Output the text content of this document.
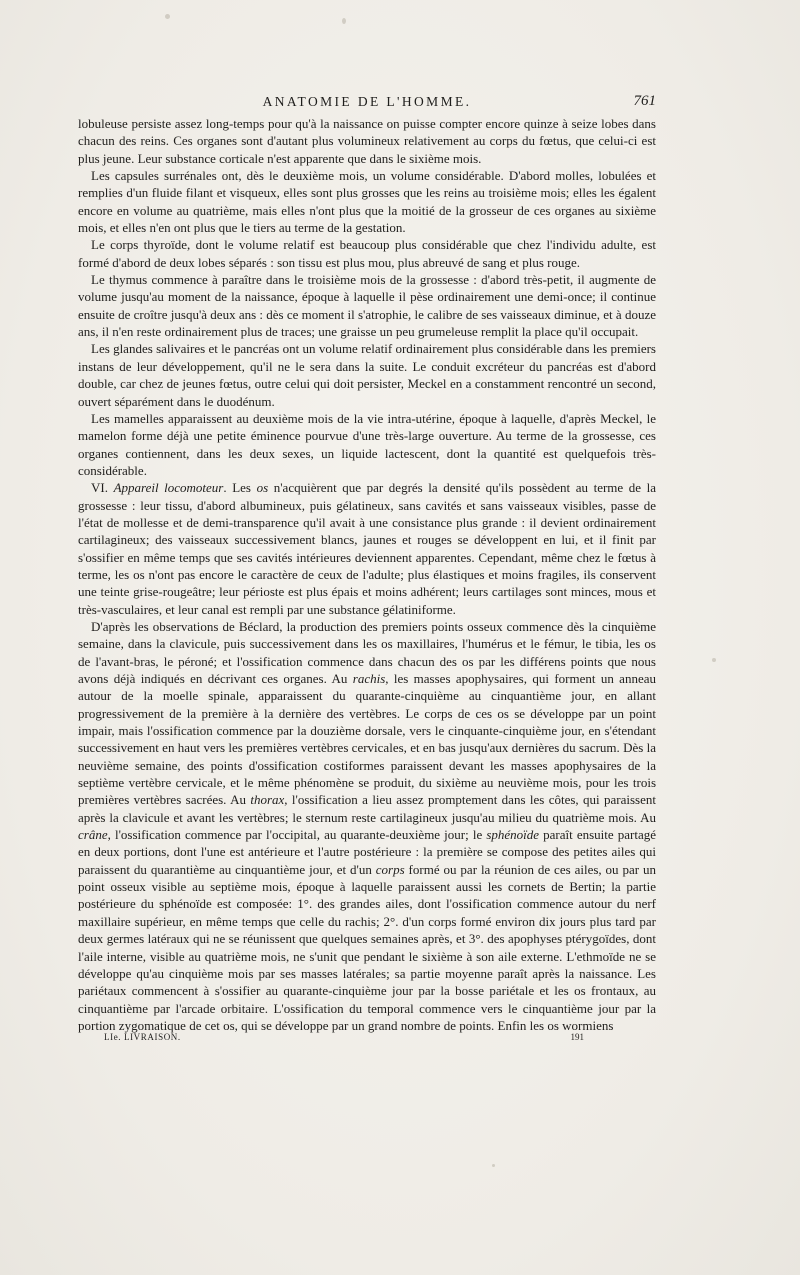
ANATOMIE DE L'HOMME.	761

lobuleuse persiste assez long-temps pour qu'à la naissance on puisse compter encore quinze à seize lobes dans chacun des reins. Ces organes sont d'autant plus volumineux relativement au corps du fœtus, que celui-ci est plus jeune. Leur substance corticale n'est apparente que dans le sixième mois.

Les capsules surrénales ont, dès le deuxième mois, un volume considérable. D'abord molles, lobulées et remplies d'un fluide filant et visqueux, elles sont plus grosses que les reins au troisième mois; elles les égalent encore en volume au quatrième, mais elles n'ont plus que la moitié de la grosseur de ces organes au sixième mois, et elles n'en ont plus que le tiers au terme de la gestation.

Le corps thyroïde, dont le volume relatif est beaucoup plus considérable que chez l'individu adulte, est formé d'abord de deux lobes séparés : son tissu est plus mou, plus abreuvé de sang et plus rouge.

Le thymus commence à paraître dans le troisième mois de la grossesse : d'abord très-petit, il augmente de volume jusqu'au moment de la naissance, époque à laquelle il pèse ordinairement une demi-once; il continue ensuite de croître jusqu'à deux ans : dès ce moment il s'atrophie, le calibre de ses vaisseaux diminue, et à douze ans, il n'en reste ordinairement plus de traces; une graisse un peu grumeleuse remplit la place qu'il occupait.

Les glandes salivaires et le pancréas ont un volume relatif ordinairement plus considérable dans les premiers instans de leur développement, qu'il ne le sera dans la suite. Le conduit excréteur du pancréas est d'abord double, car chez de jeunes fœtus, outre celui qui doit persister, Meckel en a constamment rencontré un second, ouvert séparément dans le duodénum.

Les mamelles apparaissent au deuxième mois de la vie intra-utérine, époque à laquelle, d'après Meckel, le mamelon forme déjà une petite éminence pourvue d'une très-large ouverture. Au terme de la grossesse, ces organes contiennent, dans les deux sexes, un liquide lactescent, dont la quantité est quelquefois très-considérable.

VI. Appareil locomoteur. Les os n'acquièrent que par degrés la densité qu'ils possèdent au terme de la grossesse : leur tissu, d'abord albumineux, puis gélatineux, sans cavités et sans vaisseaux visibles, passe de l'état de mollesse et de demi-transparence qu'il avait à une consistance plus grande : il devient ordinairement cartilagineux; des vaisseaux successivement blancs, jaunes et rouges se développent en lui, et il finit par s'ossifier en même temps que ses cavités intérieures deviennent apparentes. Cependant, même chez le fœtus à terme, les os n'ont pas encore le caractère de ceux de l'adulte; plus élastiques et moins fragiles, ils conservent une teinte grise-rougeâtre; leur périoste est plus épais et moins adhérent; leurs cartilages sont minces, mous et très-vasculaires, et leur canal est rempli par une substance gélatiniforme.

D'après les observations de Béclard, la production des premiers points osseux commence dès la cinquième semaine, dans la clavicule, puis successivement dans les os maxillaires, l'humérus et le fémur, le tibia, les os de l'avant-bras, le péroné; et l'ossification commence dans chacun des os par les différens points que nous avons déjà indiqués en décrivant ces organes. Au rachis, les masses apophysaires, qui forment un anneau autour de la moelle spinale, apparaissent du quarante-cinquième au cinquantième jour, en allant progressivement de la première à la dernière des vertèbres. Le corps de ces os se développe par un point impair, mais l'ossification commence par la douzième dorsale, vers le cinquante-cinquième jour, en s'étendant successivement en haut vers les premières vertèbres cervicales, et en bas jusqu'aux dernières du sacrum. Dès la neuvième semaine, des points d'ossification costiformes paraissent devant les masses apophysaires de la septième vertèbre cervicale, et le même phénomène se produit, du sixième au neuvième mois, pour les trois premières vertèbres sacrées. Au thorax, l'ossification a lieu assez promptement dans les côtes, qui paraissent après la clavicule et avant les vertèbres; le sternum reste cartilagineux jusqu'au milieu du quatrième mois. Au crâne, l'ossification commence par l'occipital, au quarante-deuxième jour; le sphénoïde paraît ensuite partagé en deux portions, dont l'une est antérieure et l'autre postérieure : la première se compose des petites ailes qui paraissent du quarantième au cinquantième jour, et d'un corps formé ou par la réunion de ces ailes, ou par un point osseux visible au septième mois, époque à laquelle paraissent aussi les cornets de Bertin; la partie postérieure du sphénoïde est composée: 1°. des grandes ailes, dont l'ossification commence autour du nerf maxillaire supérieur, en même temps que celle du rachis; 2°. d'un corps formé environ dix jours plus tard par deux germes latéraux qui ne se réunissent que quelques semaines après, et 3°. des apophyses ptérygoïdes, dont l'aile interne, visible au quatrième mois, ne s'unit que pendant le sixième à son aile externe. L'ethmoïde ne se développe qu'au cinquième mois par ses masses latérales; sa partie moyenne paraît après la naissance. Les pariétaux commencent à s'ossifier au quarante-cinquième jour par la bosse pariétale et les os frontaux, au cinquantième par l'arcade orbitaire. L'ossification du temporal commence vers le cinquantième jour par la portion zygomatique de cet os, qui se développe par un grand nombre de points. Enfin les os wormiens

LIe. LIVRAISON.	191
